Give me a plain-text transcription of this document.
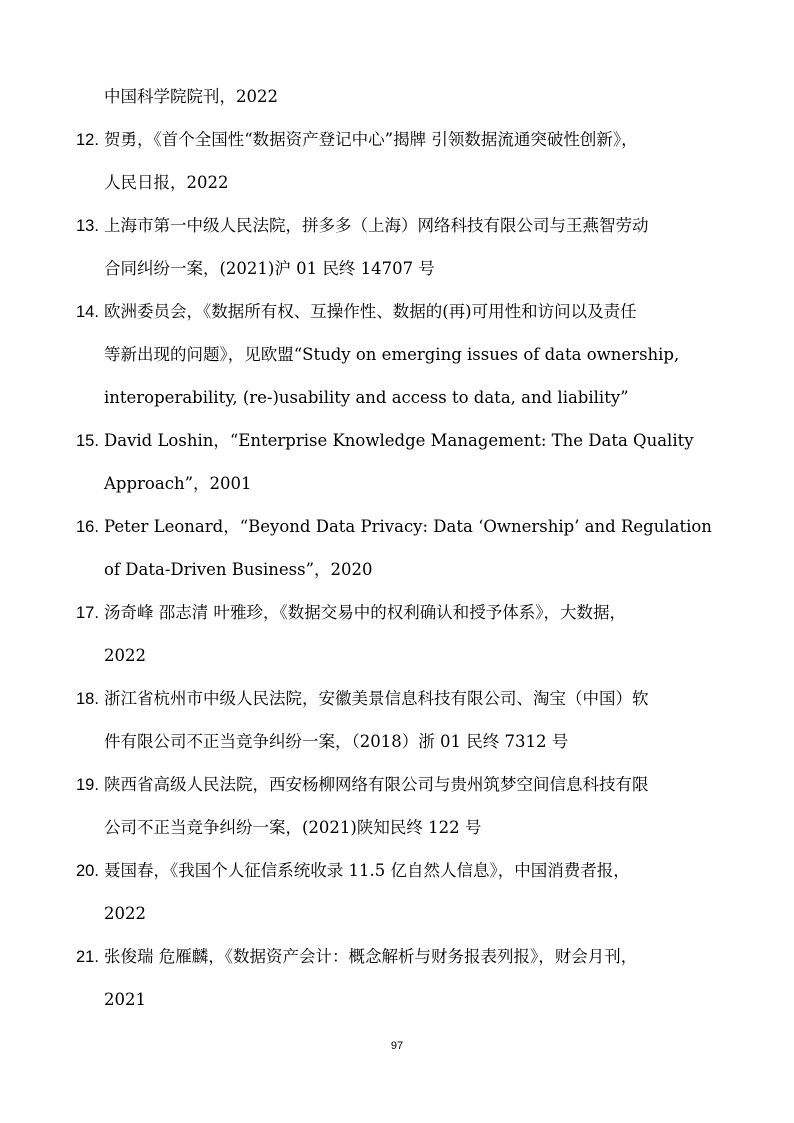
中国科学院院刊，2022
12. 贺勇，《首个全国性“数据资产登记中心”揭牌 引领数据流通突破性创新》，
人民日报，2022
13. 上海市第一中级人民法院，拼多多（上海）网络科技有限公司与王燕智劳动
合同纠纷一案，(2021)沪 01 民终 14707 号
14. 欧洲委员会，《数据所有权、互操作性、数据的(再)可用性和访问以及责任
等新出现的问题》，见欧盟“Study on emerging issues of data ownership,
interoperability, (re-)usability and access to data, and liability”
15. David Loshin，“Enterprise Knowledge Management: The Data Quality
Approach”，2001
16. Peter Leonard，“Beyond Data Privacy: Data ‘Ownership’ and Regulation
of Data-Driven Business”，2020
17. 汤奇峰 邵志清 叶雅珍，《数据交易中的权利确认和授予体系》，大数据，
2022
18. 浙江省杭州市中级人民法院，安徽美景信息科技有限公司、淘宝（中国）软
件有限公司不正当竞争纠纷一案，（2018）浙 01 民终 7312 号
19. 陕西省高级人民法院，西安杨柳网络有限公司与贵州筑梦空间信息科技有限
公司不正当竞争纠纷一案，(2021)陕知民终 122 号
20. 聂国春，《我国个人征信系统收录 11.5 亿自然人信息》，中国消费者报，
2022
21. 张俊瑞 危雁麟，《数据资产会计：概念解析与财务报表列报》，财会月刊，
2021
97
